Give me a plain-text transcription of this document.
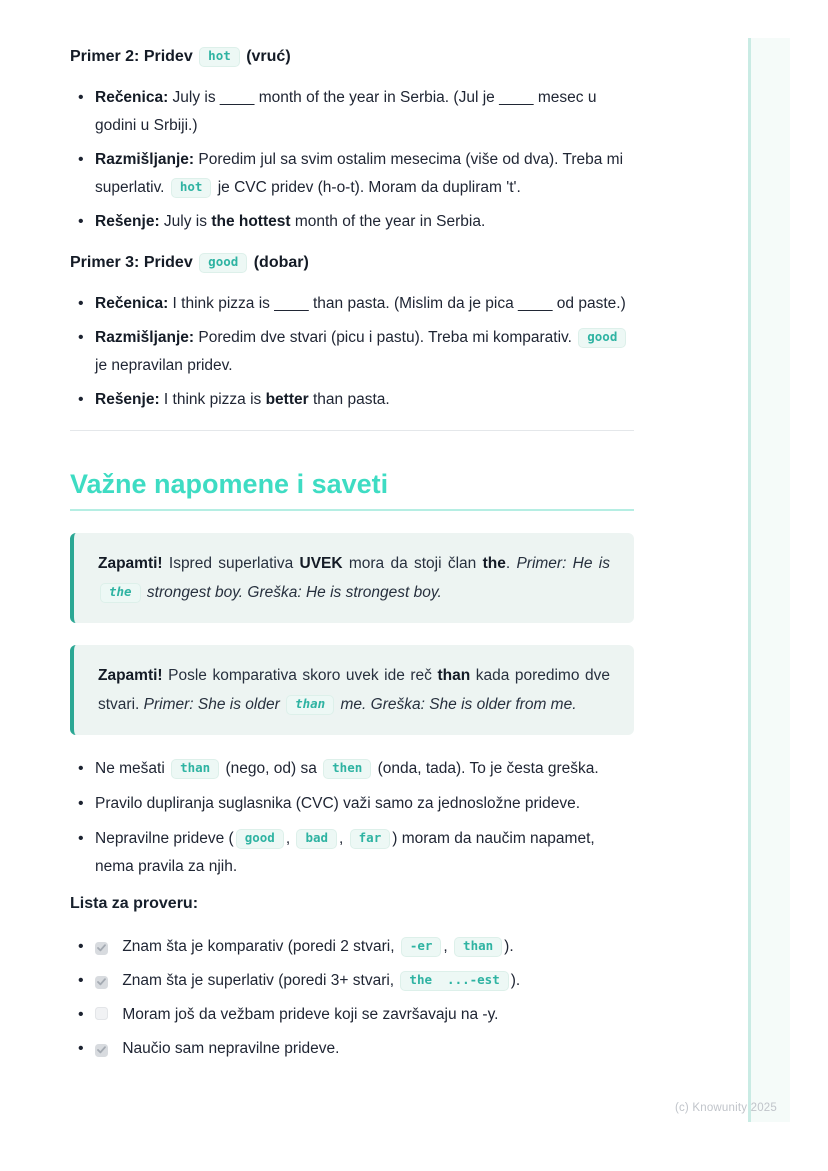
Primer 2: Pridev hot (vruć)
• Rečenica: July is ____ month of the year in Serbia. (Jul je ____ mesec u godini u Srbiji.)
• Razmišljanje: Poredim jul sa svim ostalim mesecima (više od dva). Treba mi superlativ. hot je CVC pridev (h-o-t). Moram da dupliram 't'.
• Rešenje: July is the hottest month of the year in Serbia.
Primer 3: Pridev good (dobar)
• Rečenica: I think pizza is ____ than pasta. (Mislim da je pica ____ od paste.)
• Razmišljanje: Poredim dve stvari (picu i pastu). Treba mi komparativ. good je nepravilan pridev.
• Rešenje: I think pizza is better than pasta.
Važne napomene i saveti

Zapamti! Ispred superlativa UVEK mora da stoji član the. Primer: He is the strongest boy. Greška: He is strongest boy.

Zapamti! Posle komparativa skoro uvek ide reč than kada poredimo dve stvari. Primer: She is older than me. Greška: She is older from me.

• Ne mešati than (nego, od) sa then (onda, tada). To je česta greška.
• Pravilo dupliranja suglasnika (CVC) važi samo za jednosložne prideve.
• Nepravilne prideve ( good , bad , far ) moram da naučim napamet, nema pravila za njih.
Lista za proveru:
• Znam šta je komparativ (poredi 2 stvari, -er , than ).
• Znam šta je superlativ (poredi 3+ stvari, the  ...-est ).
• Moram još da vežbam prideve koji se završavaju na -y.
• Naučio sam nepravilne prideve.
(c) Knowunity 2025
